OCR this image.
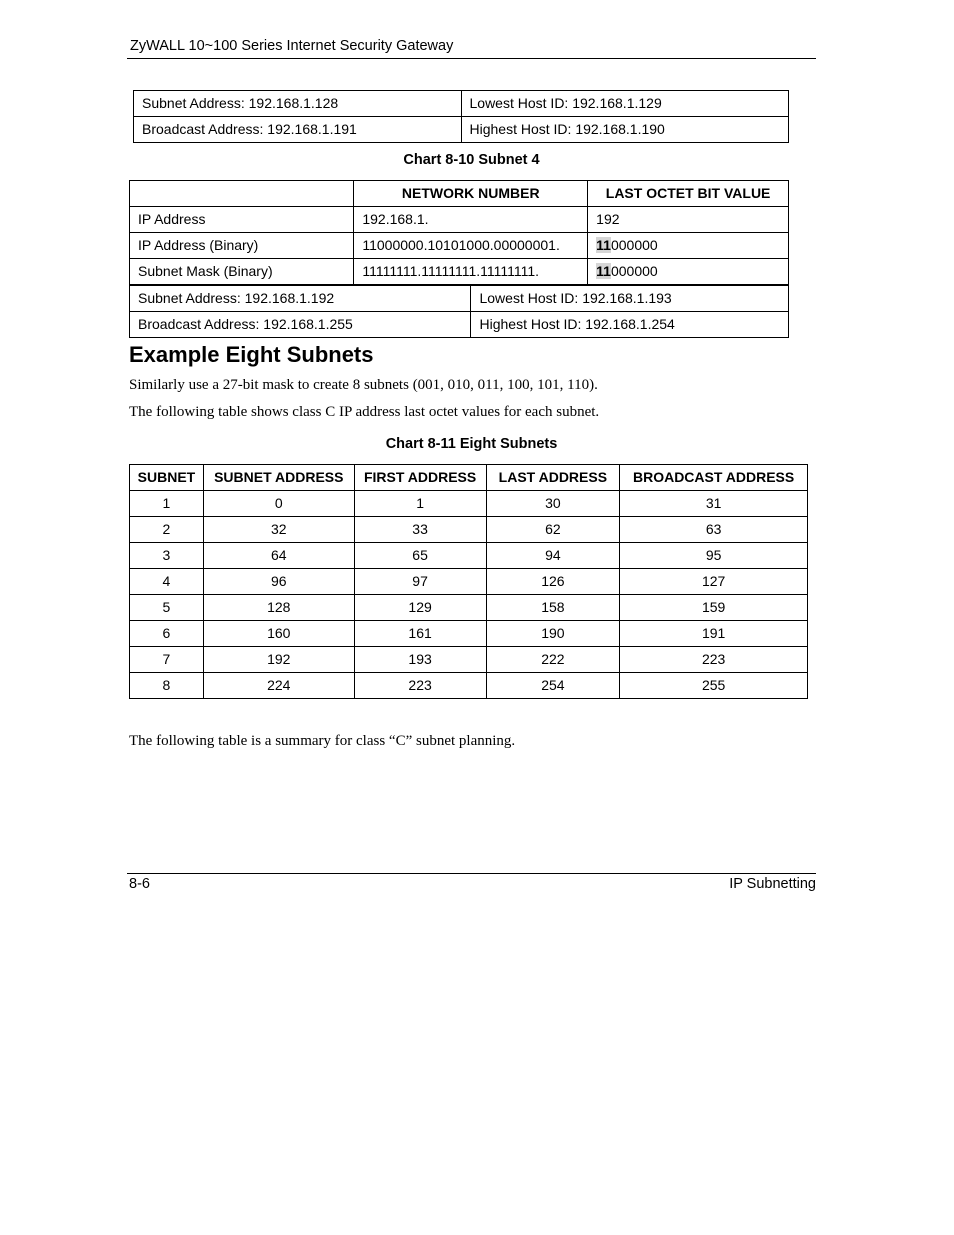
ZyWALL 10~100 Series Internet Security Gateway
Subnet Address: 192.168.1.128	Lowest Host ID: 192.168.1.129
Broadcast Address: 192.168.1.191	Highest Host ID: 192.168.1.190
Chart 8-10 Subnet 4
	NETWORK NUMBER	LAST OCTET BIT VALUE
IP Address	192.168.1.	192
IP Address (Binary)	11000000.10101000.00000001.	11000000
Subnet Mask (Binary)	11111111.11111111.11111111.	11000000
Subnet Address: 192.168.1.192	Lowest Host ID: 192.168.1.193
Broadcast Address: 192.168.1.255	Highest Host ID: 192.168.1.254
Example Eight Subnets
Similarly use a 27-bit mask to create 8 subnets (001, 010, 011, 100, 101, 110).
The following table shows class C IP address last octet values for each subnet.
Chart 8-11 Eight Subnets
SUBNET	SUBNET ADDRESS	FIRST ADDRESS	LAST ADDRESS	BROADCAST ADDRESS
1	0	1	30	31
2	32	33	62	63
3	64	65	94	95
4	96	97	126	127
5	128	129	158	159
6	160	161	190	191
7	192	193	222	223
8	224	223	254	255
The following table is a summary for class “C” subnet planning.
8-6	IP Subnetting
